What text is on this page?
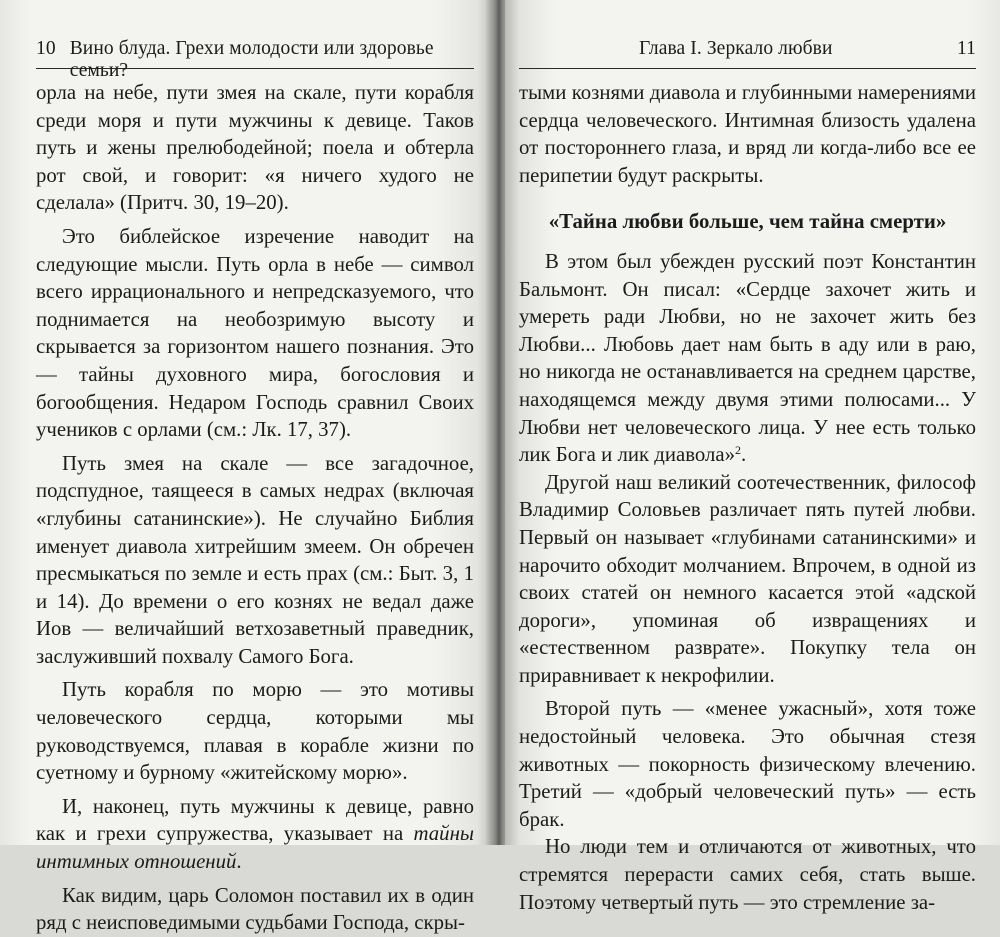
10 Вино блуда. Грехи молодости или здоровье семьи?

орла на небе, пути змея на скале, пути корабля среди моря и пути мужчины к девице. Таков путь и жены прелюбодейной; поела и обтерла рот свой, и говорит: «я ничего худого не сделала» (Притч. 30, 19–20).

Это библейское изречение наводит на следующие мысли. Путь орла в небе — символ всего иррационального и непредсказуемого, что поднимается на необозримую высоту и скрывается за горизонтом нашего познания. Это — тайны духовного мира, богословия и богообщения. Недаром Господь сравнил Своих учеников с орлами (см.: Лк. 17, 37).

Путь змея на скале — все загадочное, подспудное, таящееся в самых недрах (включая «глубины сатанинские»). Не случайно Библия именует диавола хитрейшим змеем. Он обречен пресмыкаться по земле и есть прах (см.: Быт. 3, 1 и 14). До времени о его кознях не ведал даже Иов — величайший ветхозаветный праведник, заслуживший похвалу Самого Бога.

Путь корабля по морю — это мотивы человеческого сердца, которыми мы руководствуемся, плавая в корабле жизни по суетному и бурному «житейскому морю».

И, наконец, путь мужчины к девице, равно как и грехи супружества, указывает на тайны интимных отношений.

Как видим, царь Соломон поставил их в один ряд с неисповедимыми судьбами Господа, скры-

Глава I. Зеркало любви	11

тыми кознями диавола и глубинными намерениями сердца человеческого. Интимная близость удалена от постороннего глаза, и вряд ли когда-либо все ее перипетии будут раскрыты.

«Тайна любви больше, чем тайна смерти»

В этом был убежден русский поэт Константин Бальмонт. Он писал: «Сердце захочет жить и умереть ради Любви, но не захочет жить без Любви... Любовь дает нам быть в аду или в раю, но никогда не останавливается на среднем царстве, находящемся между двумя этими полюсами... У Любви нет человеческого лица. У нее есть только лик Бога и лик диавола»$^2$.

Другой наш великий соотечественник, философ Владимир Соловьев различает пять путей любви. Первый он называет «глубинами сатанинскими» и нарочито обходит молчанием. Впрочем, в одной из своих статей он немного касается этой «адской дороги», упоминая об извращениях и «естественном разврате». Покупку тела он приравнивает к некрофилии.

Второй путь — «менее ужасный», хотя тоже недостойный человека. Это обычная стезя животных — покорность физическому влечению. Третий — «добрый человеческий путь» — есть брак.

Но люди тем и отличаются от животных, что стремятся перерасти самих себя, стать выше. Поэтому четвертый путь — это стремление за-
